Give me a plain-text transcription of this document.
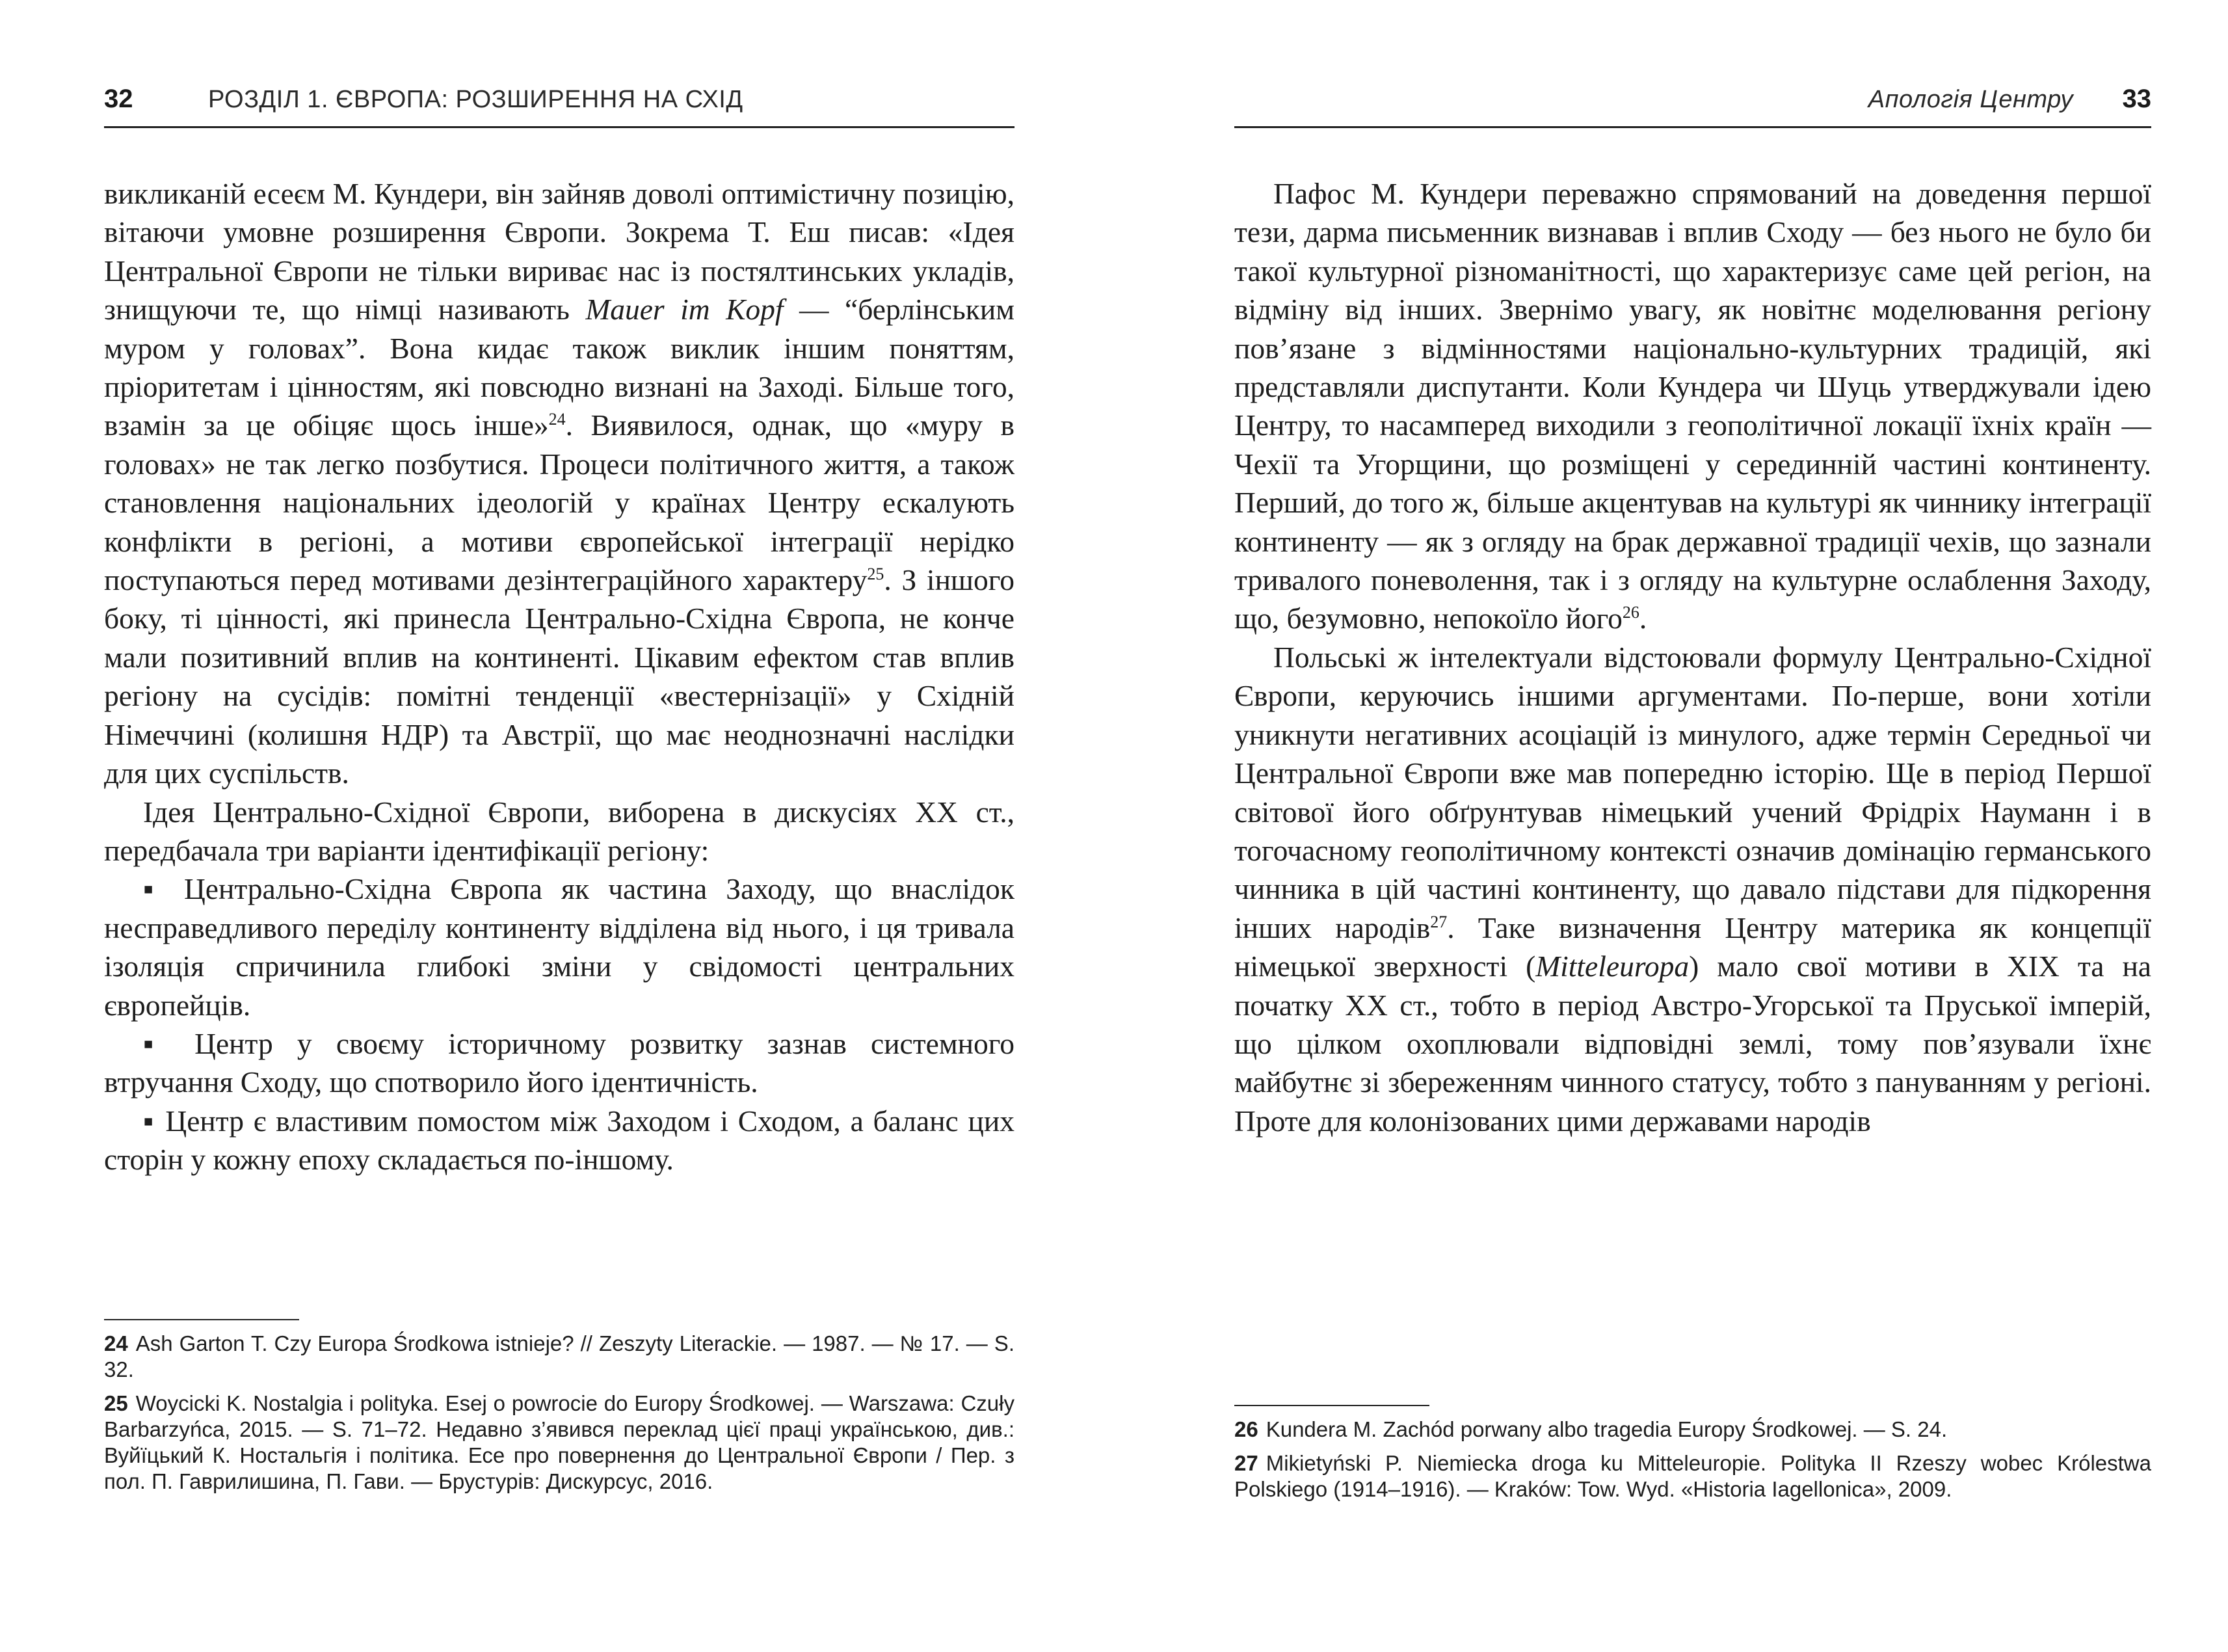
32	РОЗДІЛ 1. ЄВРОПА: РОЗШИРЕННЯ НА СХІД

викликаній есеєм М. Кундери, він зайняв доволі оптимістичну позицію, вітаючи умовне розширення Європи. Зокрема Т. Еш писав: «Ідея Центральної Європи не тільки вириває нас із постялтинських укладів, знищуючи те, що німці називають Mauer im Kopf — “берлінським муром у головах”. Вона кидає також виклик іншим поняттям, пріоритетам і цінностям, які повсюдно визнані на Заході. Більше того, взамін за це обіцяє щось інше»$^{24}$. Виявилося, однак, що «муру в головах» не так легко позбутися. Процеси політичного життя, а також становлення національних ідеологій у країнах Центру ескалують конфлікти в регіоні, а мотиви європейської інтеграції нерідко поступаються перед мотивами дезінтеграційного характеру$^{25}$. З іншого боку, ті цінності, які принесла Центрально-Східна Європа, не конче мали позитивний вплив на континенті. Цікавим ефектом став вплив регіону на сусідів: помітні тенденції «вестернізації» у Східній Німеччині (колишня НДР) та Австрії, що має неоднозначні наслідки для цих суспільств.

Ідея Центрально-Східної Європи, виборена в дискусіях ХХ ст., передбачала три варіанти ідентифікації регіону:

▪ Центрально-Східна Європа як частина Заходу, що внаслідок несправедливого переділу континенту відділена від нього, і ця тривала ізоляція спричинила глибокі зміни у свідомості центральних європейців.

▪ Центр у своєму історичному розвитку зазнав системного втручання Сходу, що спотворило його ідентичність.

▪ Центр є властивим помостом між Заходом і Сходом, а баланс цих сторін у кожну епоху складається по-іншому.

24 Ash Garton T. Czy Europa Środkowa istnieje? // Zeszyty Literackie. — 1987. — № 17. — S. 32.

25 Woycicki K. Nostalgia i polityka. Esej o powrocie do Europy Środkowej. — Warszawa: Czuły Barbarzyńca, 2015. — S. 71–72. Недавно з’явився переклад цієї праці українською, див.: Вуйїцький К. Ностальгія і політика. Есе про повернення до Центральної Європи / Пер. з пол. П. Гаврилишина, П. Гави. — Брустурів: Дискурсус, 2016.

Апологія Центру 33

Пафос М. Кундери переважно спрямований на доведення першої тези, дарма письменник визнавав і вплив Сходу — без нього не було би такої культурної різноманітності, що характеризує саме цей регіон, на відміну від інших. Звернімо увагу, як новітнє моделювання регіону пов’язане з відмінностями національно-культурних традицій, які представляли диспутанти. Коли Кундера чи Шуць утверджували ідею Центру, то насамперед виходили з геополітичної локації їхніх країн — Чехії та Угорщини, що розміщені у серединній частині континенту. Перший, до того ж, більше акцентував на культурі як чиннику інтеграції континенту — як з огляду на брак державної традиції чехів, що зазнали тривалого поневолення, так і з огляду на культурне ослаблення Заходу, що, безумовно, непокоїло його$^{26}$.

Польські ж інтелектуали відстоювали формулу Центрально-Східної Європи, керуючись іншими аргументами. По-перше, вони хотіли уникнути негативних асоціацій із минулого, адже термін Середньої чи Центральної Європи вже мав попередню історію. Ще в період Першої світової його обґрунтував німецький учений Фрідріх Науманн і в тогочасному геополітичному контексті означив домінацію германського чинника в цій частині континенту, що давало підстави для підкорення інших народів$^{27}$. Таке визначення Центру материка як концепції німецької зверхності (Mitteleuropa) мало свої мотиви в ХІХ та на початку ХХ ст., тобто в період Австро-Угорської та Пруської імперій, що цілком охоплювали відповідні землі, тому пов’язували їхнє майбутнє зі збереженням чинного статусу, тобто з пануванням у регіоні. Проте для колонізованих цими державами народів

26 Kundera M. Zachód porwany albo tragedia Europy Środkowej. — S. 24.

27 Mikietyński P. Niemiecka droga ku Mitteleuropie. Polityka II Rzeszy wobec Królestwa Polskiego (1914–1916). — Kraków: Tow. Wyd. «Historia Iagellonica», 2009.
